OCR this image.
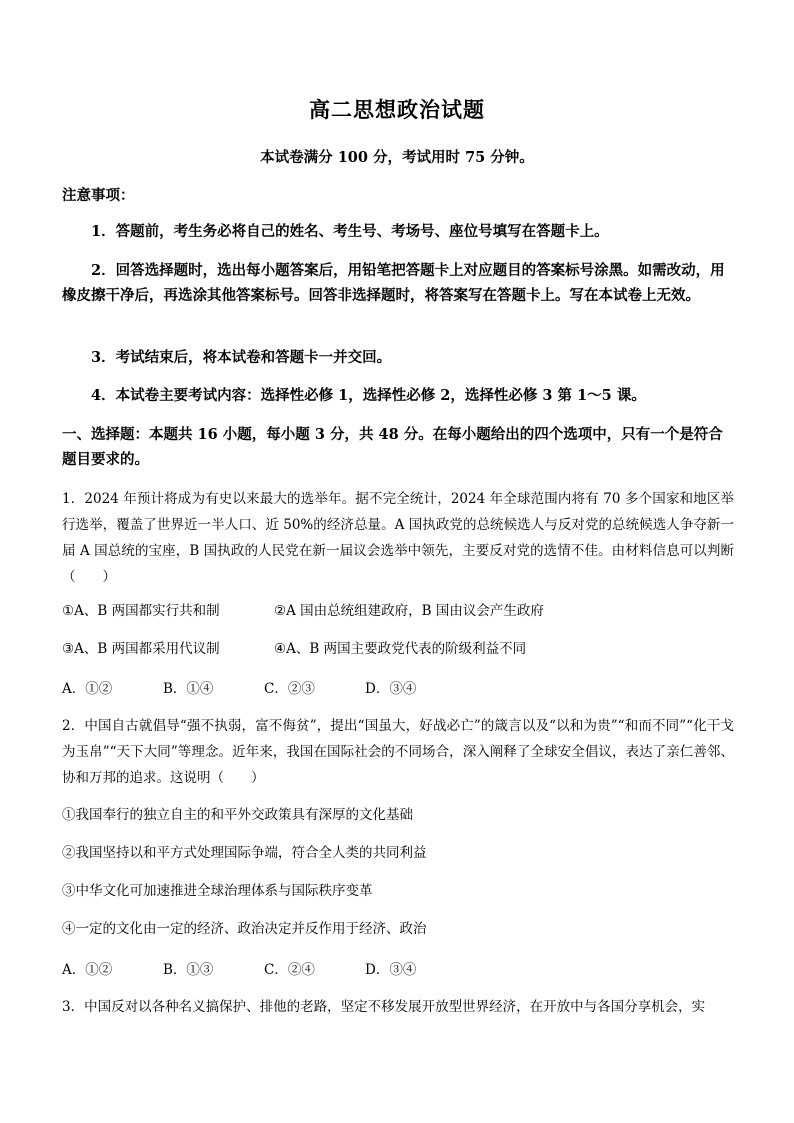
高二思想政治试题
本试卷满分 100 分，考试用时 75 分钟。
注意事项：
1．答题前，考生务必将自己的姓名、考生号、考场号、座位号填写在答题卡上。
2．回答选择题时，选出每小题答案后，用铅笔把答题卡上对应题目的答案标号涂黑。如需改动，用橡皮擦干净后，再选涂其他答案标号。回答非选择题时，将答案写在答题卡上。写在本试卷上无效。
3．考试结束后，将本试卷和答题卡一并交回。
4．本试卷主要考试内容：选择性必修 1，选择性必修 2，选择性必修 3 第 1～5 课。
一、选择题：本题共 16 小题，每小题 3 分，共 48 分。在每小题给出的四个选项中，只有一个是符合题目要求的。
1．2024 年预计将成为有史以来最大的选举年。据不完全统计，2024 年全球范围内将有 70 多个国家和地区举行选举，覆盖了世界近一半人口、近 50%的经济总量。A 国执政党的总统候选人与反对党的总统候选人争夺新一届 A 国总统的宝座，B 国执政的人民党在新一届议会选举中领先，主要反对党的选情不佳。由材料信息可以判断（　　）
①A、B 两国都实行共和制	②A 国由总统组建政府，B 国由议会产生政府
③A、B 两国都采用代议制	④A、B 两国主要政党代表的阶级利益不同
A．①②	B．①④	C．②③	D．③④
2．中国自古就倡导“强不执弱，富不侮贫”，提出“国虽大，好战必亡”的箴言以及“以和为贵”“和而不同”“化干戈为玉帛”“天下大同”等理念。近年来，我国在国际社会的不同场合，深入阐释了全球安全倡议，表达了亲仁善邻、协和万邦的追求。这说明（　　）
①我国奉行的独立自主的和平外交政策具有深厚的文化基础
②我国坚持以和平方式处理国际争端，符合全人类的共同利益
③中华文化可加速推进全球治理体系与国际秩序变革
④一定的文化由一定的经济、政治决定并反作用于经济、政治
A．①②	B．①③	C．②④	D．③④
3．中国反对以各种名义搞保护、排他的老路，坚定不移发展开放型世界经济，在开放中与各国分享机会，实
